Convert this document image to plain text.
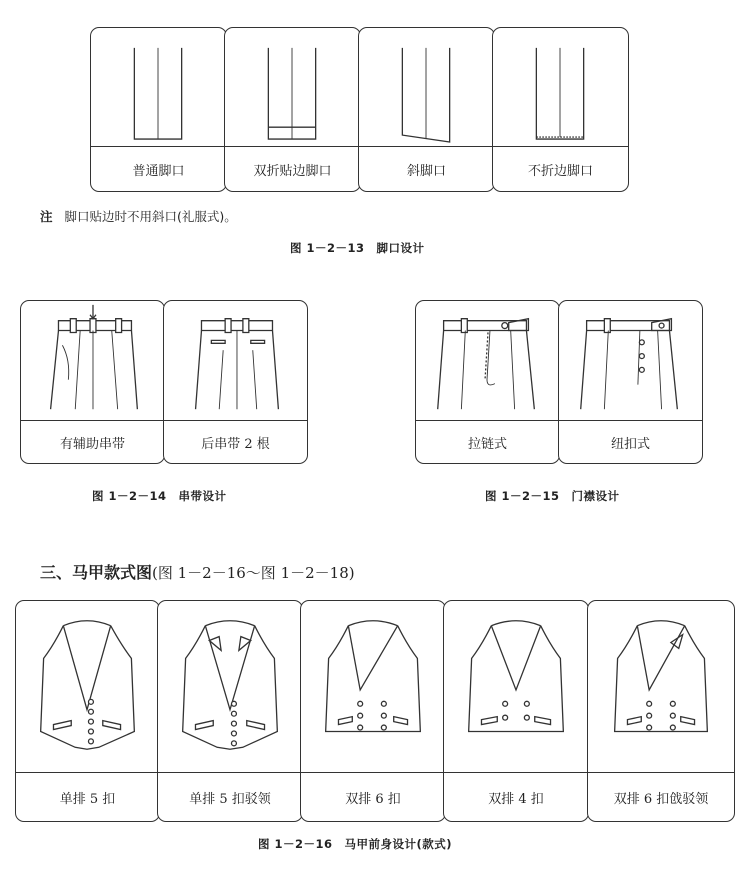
普通脚口	双折贴边脚口	斜脚口	不折边脚口
注 脚口贴边时不用斜口(礼服式)。
图 1－2－13　脚口设计
有辅助串带	后串带 2 根
图 1－2－14　串带设计
拉链式	纽扣式
图 1－2－15　门襟设计
三、马甲款式图(图 1－2－16～图 1－2－18)
单排 5 扣	单排 5 扣驳领	双排 6 扣	双排 4 扣	双排 6 扣戗驳领
图 1－2－16　马甲前身设计(款式)
